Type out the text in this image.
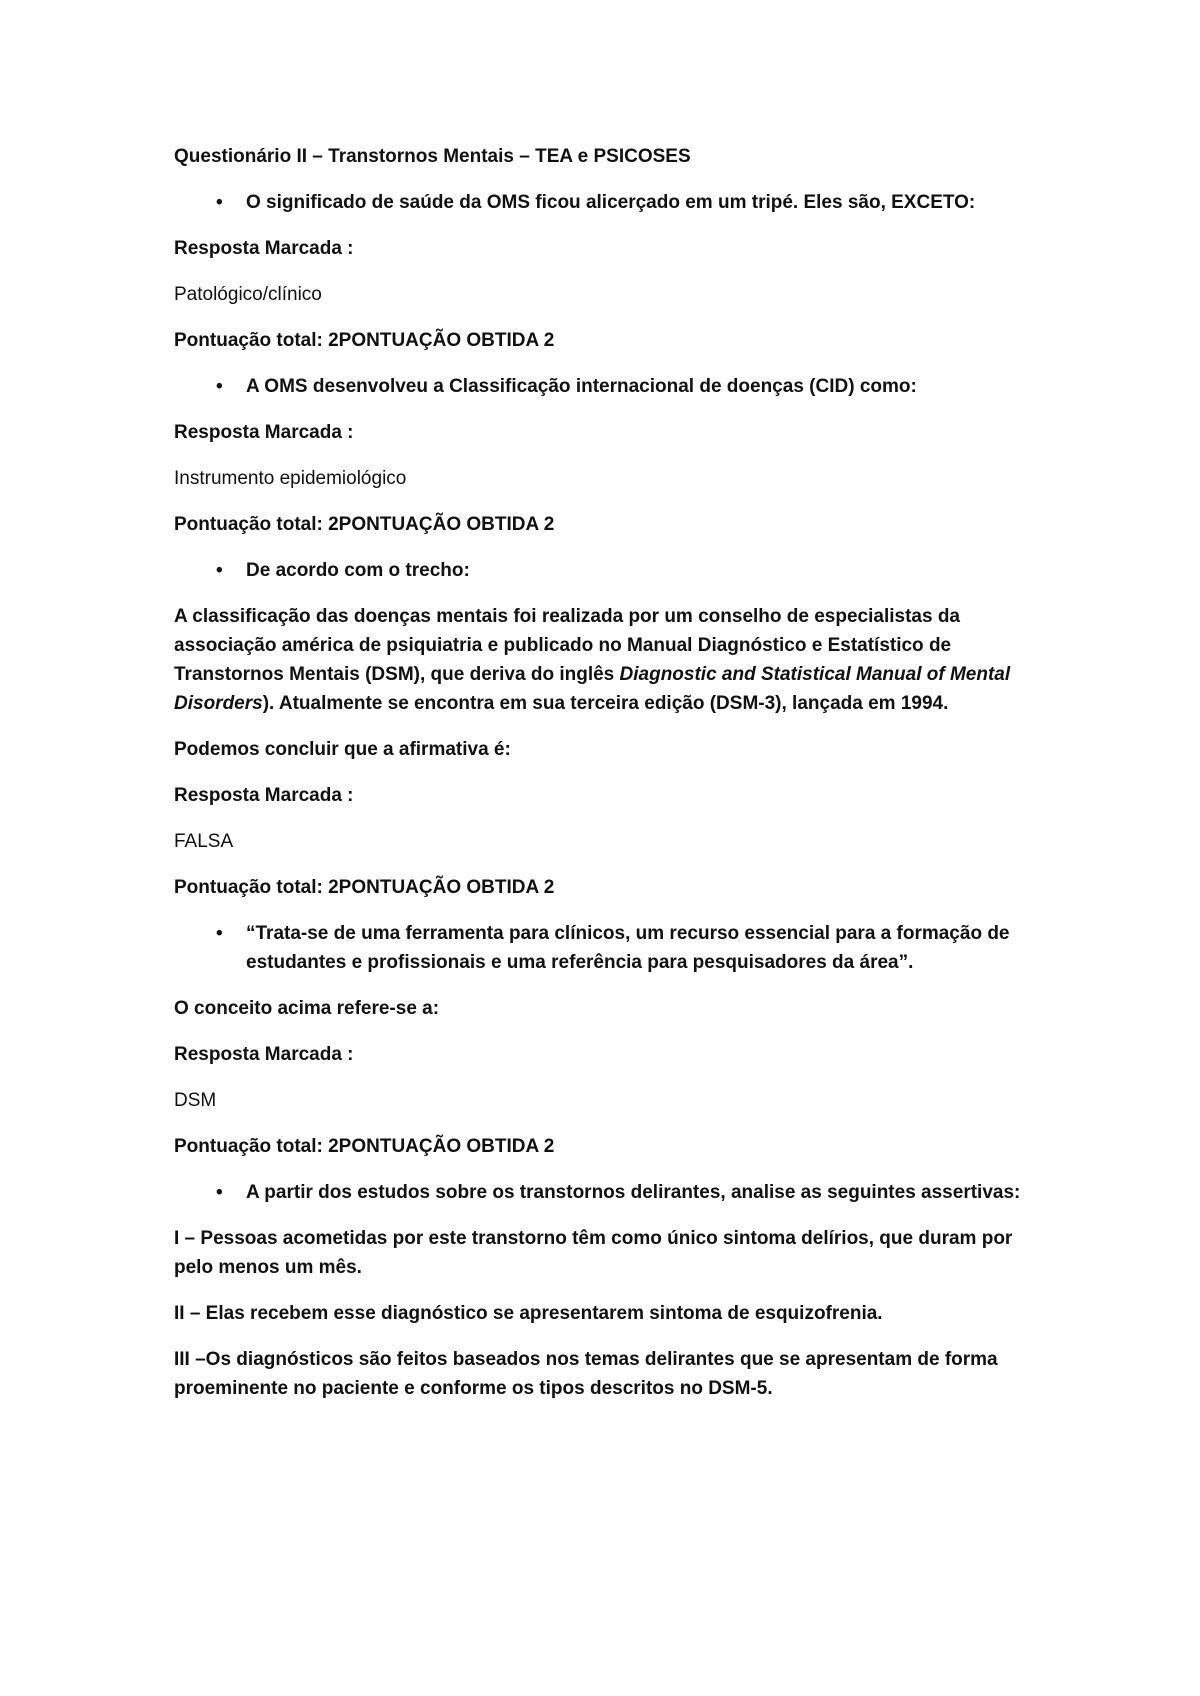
Questionário II – Transtornos Mentais – TEA e PSICOSES

• O significado de saúde da OMS ficou alicerçado em um tripé. Eles são, EXCETO:

Resposta Marcada :

Patológico/clínico

Pontuação total: 2PONTUAÇÃO OBTIDA 2

• A OMS desenvolveu a Classificação internacional de doenças (CID) como:

Resposta Marcada :

Instrumento epidemiológico

Pontuação total: 2PONTUAÇÃO OBTIDA 2

• De acordo com o trecho:

A classificação das doenças mentais foi realizada por um conselho de especialistas da associação américa de psiquiatria e publicado no Manual Diagnóstico e Estatístico de Transtornos Mentais (DSM), que deriva do inglês Diagnostic and Statistical Manual of Mental Disorders). Atualmente se encontra em sua terceira edição (DSM-3), lançada em 1994.

Podemos concluir que a afirmativa é:

Resposta Marcada :

FALSA

Pontuação total: 2PONTUAÇÃO OBTIDA 2

• “Trata-se de uma ferramenta para clínicos, um recurso essencial para a formação de estudantes e profissionais e uma referência para pesquisadores da área”.

O conceito acima refere-se a:

Resposta Marcada :

DSM

Pontuação total: 2PONTUAÇÃO OBTIDA 2

• A partir dos estudos sobre os transtornos delirantes, analise as seguintes assertivas:

I – Pessoas acometidas por este transtorno têm como único sintoma delírios, que duram por pelo menos um mês.

II – Elas recebem esse diagnóstico se apresentarem sintoma de esquizofrenia.

III –Os diagnósticos são feitos baseados nos temas delirantes que se apresentam de forma proeminente no paciente e conforme os tipos descritos no DSM-5.
